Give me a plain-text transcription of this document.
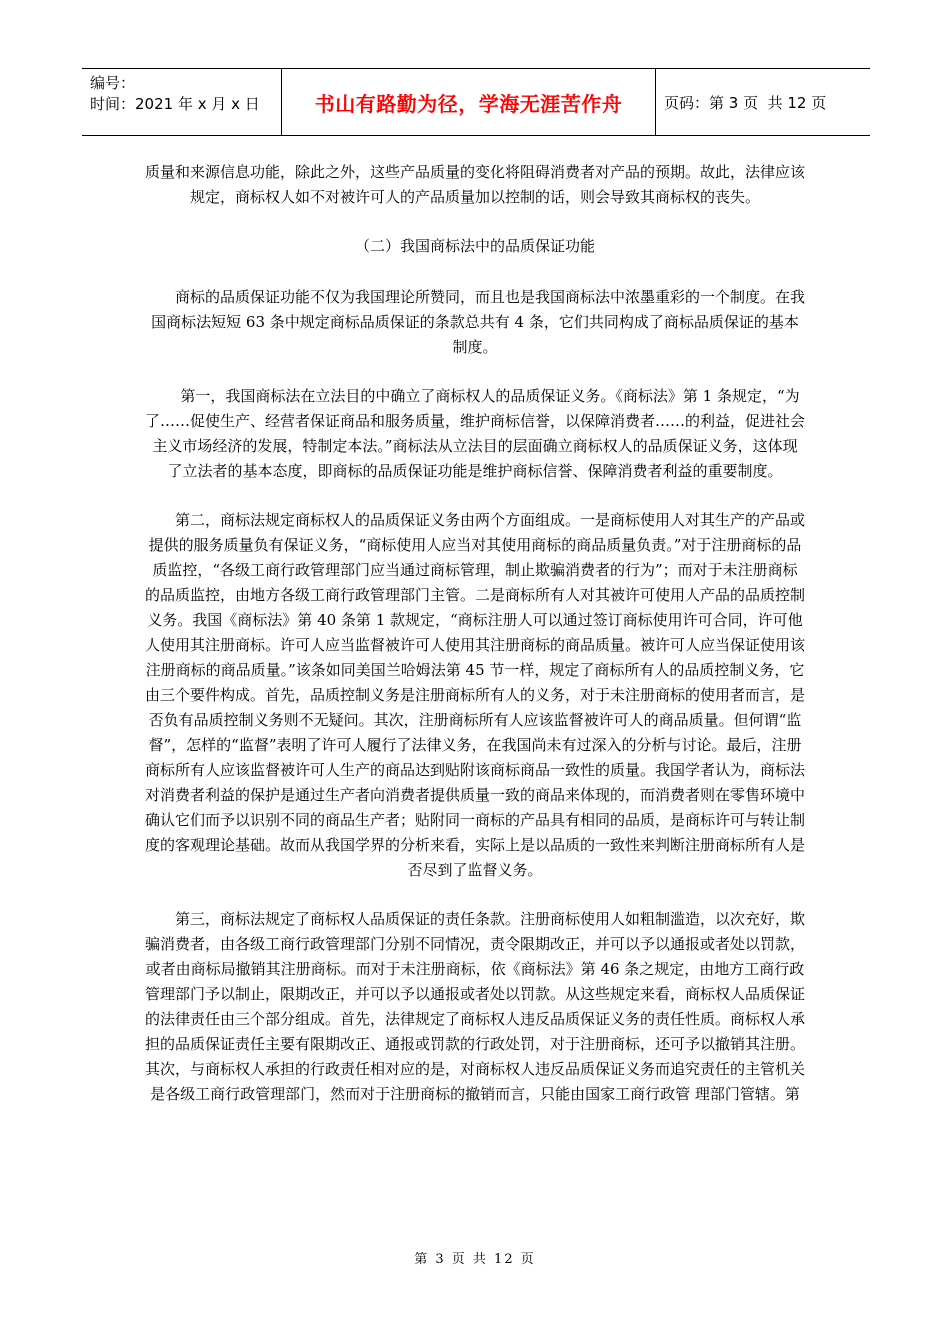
编号：
时间：2021 年 x 月 x 日	书山有路勤为径，学海无涯苦作舟	页码：第 3 页  共 12 页

质量和来源信息功能，除此之外，这些产品质量的变化将阻碍消费者对产品的预期。故此，法律应该规定，商标权人如不对被许可人的产品质量加以控制的话，则会导致其商标权的丧失。

（二）我国商标法中的品质保证功能

商标的品质保证功能不仅为我国理论所赞同，而且也是我国商标法中浓墨重彩的一个制度。在我国商标法短短 63 条中规定商标品质保证的条款总共有 4 条，它们共同构成了商标品质保证的基本制度。

第一，我国商标法在立法目的中确立了商标权人的品质保证义务。《商标法》第 1 条规定，“为了……促使生产、经营者保证商品和服务质量，维护商标信誉，以保障消费者……的利益，促进社会主义市场经济的发展，特制定本法。”商标法从立法目的层面确立商标权人的品质保证义务，这体现了立法者的基本态度，即商标的品质保证功能是维护商标信誉、保障消费者利益的重要制度。

第二，商标法规定商标权人的品质保证义务由两个方面组成。一是商标使用人对其生产的产品或提供的服务质量负有保证义务，“商标使用人应当对其使用商标的商品质量负责。”对于注册商标的品质监控，“各级工商行政管理部门应当通过商标管理，制止欺骗消费者的行为”；而对于未注册商标的品质监控，由地方各级工商行政管理部门主管。二是商标所有人对其被许可使用人产品的品质控制义务。我国《商标法》第 40 条第 1 款规定，“商标注册人可以通过签订商标使用许可合同，许可他人使用其注册商标。许可人应当监督被许可人使用其注册商标的商品质量。被许可人应当保证使用该注册商标的商品质量。”该条如同美国兰哈姆法第 45 节一样，规定了商标所有人的品质控制义务，它由三个要件构成。首先，品质控制义务是注册商标所有人的义务，对于未注册商标的使用者而言，是否负有品质控制义务则不无疑问。其次，注册商标所有人应该监督被许可人的商品质量。但何谓“监督”，怎样的“监督”表明了许可人履行了法律义务，在我国尚未有过深入的分析与讨论。最后，注册商标所有人应该监督被许可人生产的商品达到贴附该商标商品一致性的质量。我国学者认为，商标法对消费者利益的保护是通过生产者向消费者提供质量一致的商品来体现的，而消费者则在零售环境中确认它们而予以识别不同的商品生产者；贴附同一商标的产品具有相同的品质，是商标许可与转让制度的客观理论基础。故而从我国学界的分析来看，实际上是以品质的一致性来判断注册商标所有人是否尽到了监督义务。

第三，商标法规定了商标权人品质保证的责任条款。注册商标使用人如粗制滥造，以次充好，欺骗消费者，由各级工商行政管理部门分别不同情况，责令限期改正，并可以予以通报或者处以罚款，或者由商标局撤销其注册商标。而对于未注册商标，依《商标法》第 46 条之规定，由地方工商行政管理部门予以制止，限期改正，并可以予以通报或者处以罚款。从这些规定来看，商标权人品质保证的法律责任由三个部分组成。首先，法律规定了商标权人违反品质保证义务的责任性质。商标权人承担的品质保证责任主要有限期改正、通报或罚款的行政处罚，对于注册商标，还可予以撤销其注册。其次，与商标权人承担的行政责任相对应的是，对商标权人违反品质保证义务而追究责任的主管机关是各级工商行政管理部门，然而对于注册商标的撤销而言，只能由国家工商行政管 理部门管辖。第

第 3 页 共 12 页
